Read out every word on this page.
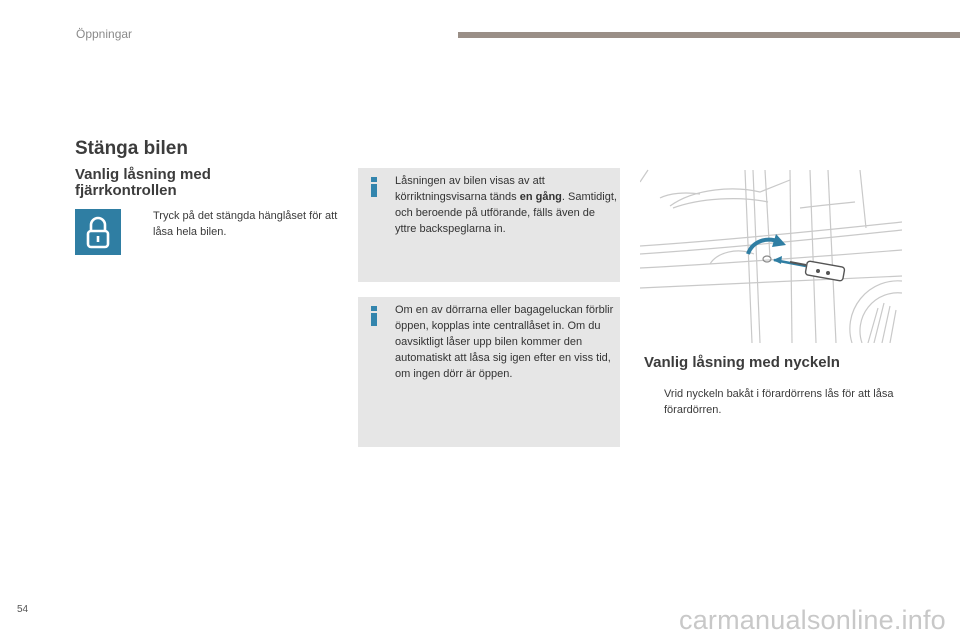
Öppningar
Stänga bilen
Vanlig låsning med fjärrkontrollen
Tryck på det stängda hänglåset för att låsa hela bilen.
Låsningen av bilen visas av att körriktningsvisarna tänds en gång. Samtidigt, och beroende på utförande, fälls även de yttre backspeglarna in.
Om en av dörrarna eller bagageluckan förblir öppen, kopplas inte centrallåset in. Om du oavsiktligt låser upp bilen kommer den automatiskt att låsa sig igen efter en viss tid, om ingen dörr är öppen.
Vanlig låsning med nyckeln
Vrid nyckeln bakåt i förardörrens lås för att låsa förardörren.
54	carmanualsonline.info
